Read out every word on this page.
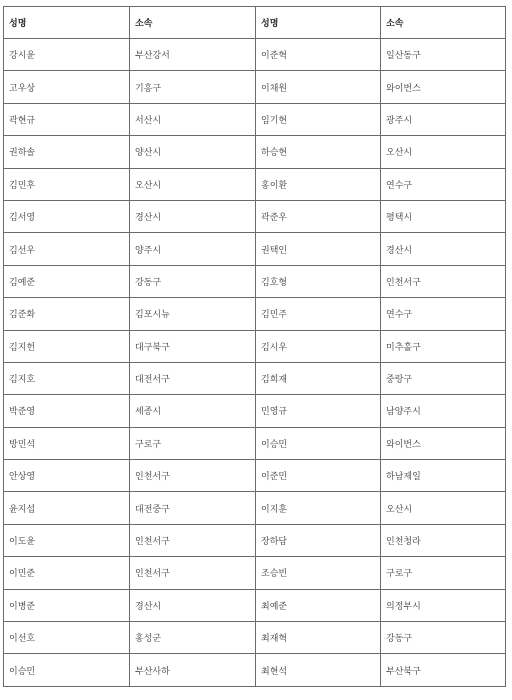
성명	소속	성명	소속
강시윤	부산강서	이준혁	일산동구
고우상	기흥구	이채원	와이번스
곽현규	서산시	임기현	광주시
권하솔	양산시	하승현	오산시
김민후	오산시	홍이환	연수구
김서영	경산시	곽준우	평택시
김선우	양주시	권택인	경산시
김예준	강동구	김호형	인천서구
김준화	김포시뉴	김민주	연수구
김지헌	대구북구	김시우	미추홀구
김지호	대전서구	김희재	중랑구
박준영	세종시	민영규	남양주시
방민석	구로구	이승민	와이번스
안상영	인천서구	이준민	하남제일
윤지섭	대전중구	이지훈	오산시
이도윤	인천서구	장하담	인천청라
이민준	인천서구	조승빈	구로구
이병준	경산시	최예준	의정부시
이선호	홍성군	최재혁	강동구
이승민	부산사하	최현석	부산북구
